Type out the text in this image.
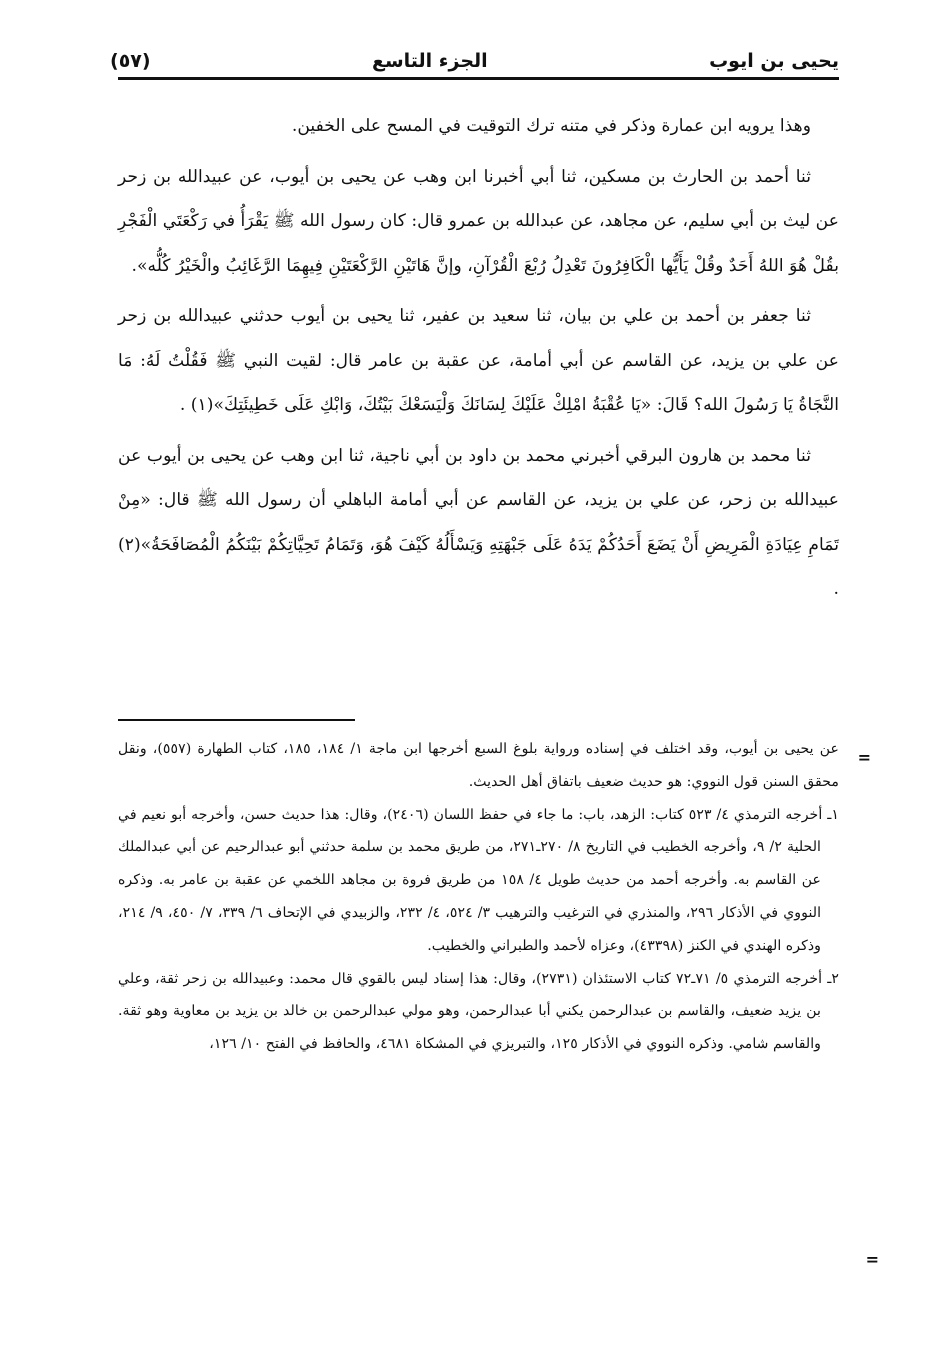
يحيى بن ايوب
الجزء التاسع
(٥٧)

وهذا يرويه ابن عمارة وذكر في متنه ترك التوقيت في المسح على الخفين.

ثنا أحمد بن الحارث بن مسكين، ثنا أبي أخبرنا ابن وهب عن يحيى بن أيوب، عن عبيدالله بن زحر عن ليث بن أبي سليم، عن مجاهد، عن عبدالله بن عمرو قال: كان رسول الله ﷺ يَقْرَأُ في رَكْعَتَي الْفَجْرِ بقُلْ هُوَ اللهُ أَحَدٌ وقُلْ يَأَيُّها الْكَافِرُونَ تَعْدِلُ رُبْعَ الْقُرْآنِ، وإنَّ هَاتَيْنِ الرَّكْعَتَيْنِ فِيهِمَا الرَّغَائِبُ والْخَيْرُ كُلُّه».

ثنا جعفر بن أحمد بن علي بن بيان، ثنا سعيد بن عفير، ثنا يحيى بن أيوب حدثني عبيدالله بن زحر عن علي بن يزيد، عن القاسم عن أبي أمامة، عن عقبة بن عامر قال: لقيت النبي ﷺ فَقُلْتُ لَهُ: مَا النَّجَاةُ يَا رَسُولَ الله؟ قَالَ: «يَا عُقْبَةُ امْلِكْ عَلَيْكَ لِسَانَكَ وَلْيَسَعْكَ بَيْتُكَ، وَابْكِ عَلَى خَطِيئَتِكَ»(١) .

ثنا محمد بن هارون البرقي أخبرني محمد بن داود بن أبي ناجية، ثنا ابن وهب عن يحيى بن أيوب عن عبيدالله بن زحر، عن علي بن يزيد، عن القاسم عن أبي أمامة الباهلي أن رسول الله ﷺ قال: «مِنْ تَمَامِ عِيَادَةِ الْمَرِيضِ أَنْ يَضَعَ أَحَدُكُمْ يَدَهُ عَلَى جَبْهَتِهِ وَيَسْأَلُهُ كَيْفَ هُوَ، وَتَمَامُ تَحِيَّاتِكُمْ بَيْنَكُمُ الْمُصَافَحَةُ»(٢) .

عن يحيى بن أيوب، وقد اختلف في إسناده ورواية بلوغ السبع أخرجها ابن ماجة ١/ ١٨٤، ١٨٥، كتاب الطهارة (٥٥٧)، ونقل محقق السنن قول النووي: هو حديث ضعيف باتفاق أهل الحديث.

١ـ أخرجه الترمذي ٤/ ٥٢٣ كتاب: الزهد، باب: ما جاء في حفظ اللسان (٢٤٠٦)، وقال: هذا حديث حسن، وأخرجه أبو نعيم في الحلية ٢/ ٩، وأخرجه الخطيب في التاريخ ٨/ ٢٧٠ـ٢٧١، من طريق محمد بن سلمة حدثني أبو عبدالرحيم عن أبي عبدالملك عن القاسم به. وأخرجه أحمد من حديث طويل ٤/ ١٥٨ من طريق فروة بن مجاهد اللخمي عن عقبة بن عامر به. وذكره النووي في الأذكار ٢٩٦، والمنذري في الترغيب والترهيب ٣/ ٥٢٤، ٤/ ٢٣٢، والزبيدي في الإتحاف ٦/ ٣٣٩، ٧/ ٤٥٠، ٩/ ٢١٤، وذكره الهندي في الكنز (٤٣٣٩٨)، وعزاه لأحمد والطبراني والخطيب.

٢ـ أخرجه الترمذي ٥/ ٧١ـ٧٢ كتاب الاستئذان (٢٧٣١)، وقال: هذا إسناد ليس بالقوي قال محمد: وعبيدالله بن زحر ثقة، وعلي بن يزيد ضعيف، والقاسم بن عبدالرحمن يكني أبا عبدالرحمن، وهو مولي عبدالرحمن بن خالد بن يزيد بن معاوية وهو ثقة. والقاسم شامي. وذكره النووي في الأذكار ١٢٥، والتبريزي في المشكاة ٤٦٨١، والحافظ في الفتح ١٠/ ١٢٦،

=
=
